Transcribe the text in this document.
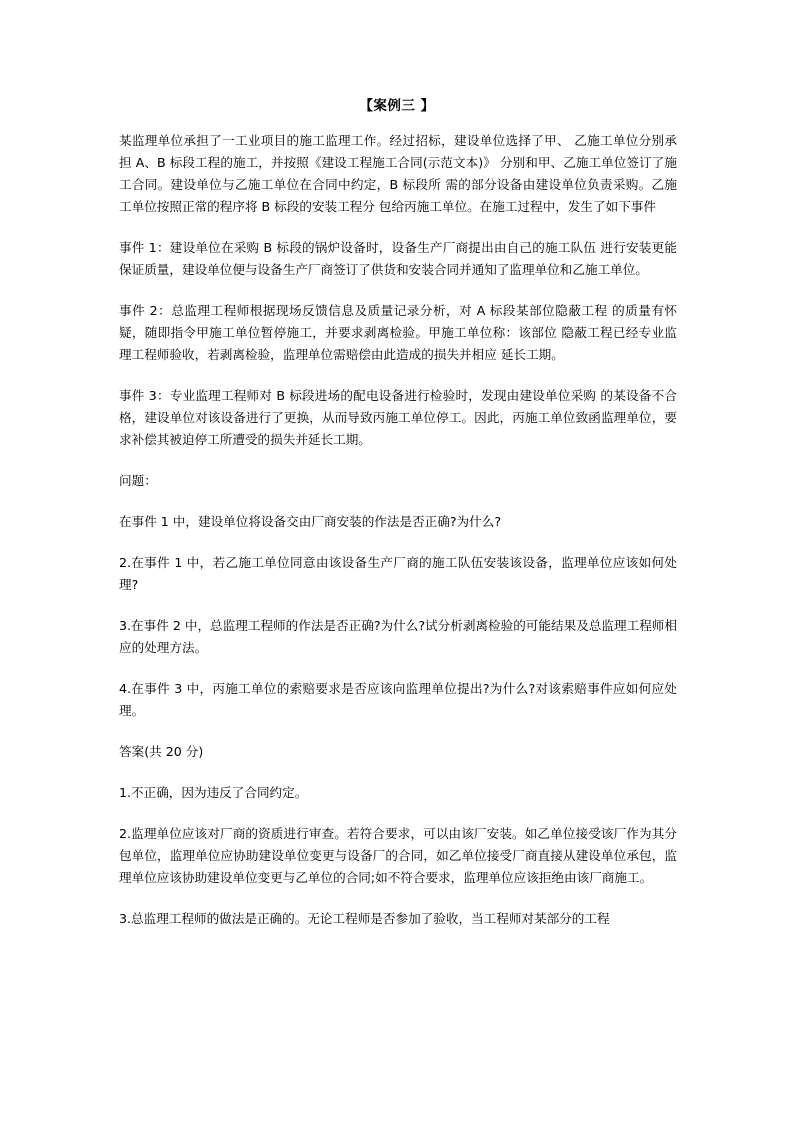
【案例三 】

某监理单位承担了一工业项目的施工监理工作。经过招标，建设单位选择了甲、 乙施工单位分别承担 A、B 标段工程的施工，并按照《建设工程施工合同(示范文本)》 分别和甲、乙施工单位签订了施工合同。建设单位与乙施工单位在合同中约定，B 标段所 需的部分设备由建设单位负责采购。乙施工单位按照正常的程序将 B 标段的安装工程分 包给丙施工单位。在施工过程中，发生了如下事件

事件 1：建设单位在采购 B 标段的锅炉设备时，设备生产厂商提出由自己的施工队伍 进行安装更能保证质量，建设单位便与设备生产厂商签订了供货和安装合同并通知了监理单位和乙施工单位。

事件 2：总监理工程师根据现场反馈信息及质量记录分析，对 A 标段某部位隐蔽工程 的质量有怀疑，随即指令甲施工单位暂停施工，并要求剥离检验。甲施工单位称：该部位 隐蔽工程已经专业监理工程师验收，若剥离检验，监理单位需赔偿由此造成的损失并相应 延长工期。

事件 3：专业监理工程师对 B 标段进场的配电设备进行检验时，发现由建设单位采购 的某设备不合格，建设单位对该设备进行了更换，从而导致丙施工单位停工。因此，丙施工单位致函监理单位，要求补偿其被迫停工所遭受的损失并延长工期。

问题：

在事件 1 中，建设单位将设备交由厂商安装的作法是否正确?为什么?

2.在事件 1 中，若乙施工单位同意由该设备生产厂商的施工队伍安装该设备，监理单位应该如何处理?

3.在事件 2 中，总监理工程师的作法是否正确?为什么?试分析剥离检验的可能结果及总监理工程师相应的处理方法。

4.在事件 3 中，丙施工单位的索赔要求是否应该向监理单位提出?为什么?对该索赔事件应如何应处理。

答案(共 20 分)

1.不正确，因为违反了合同约定。

2.监理单位应该对厂商的资质进行审查。若符合要求，可以由该厂安装。如乙单位接受该厂作为其分包单位，监理单位应协助建设单位变更与设备厂的合同，如乙单位接受厂商直接从建设单位承包，监理单位应该协助建设单位变更与乙单位的合同;如不符合要求，监理单位应该拒绝由该厂商施工。

3.总监理工程师的做法是正确的。无论工程师是否参加了验收，当工程师对某部分的工程
